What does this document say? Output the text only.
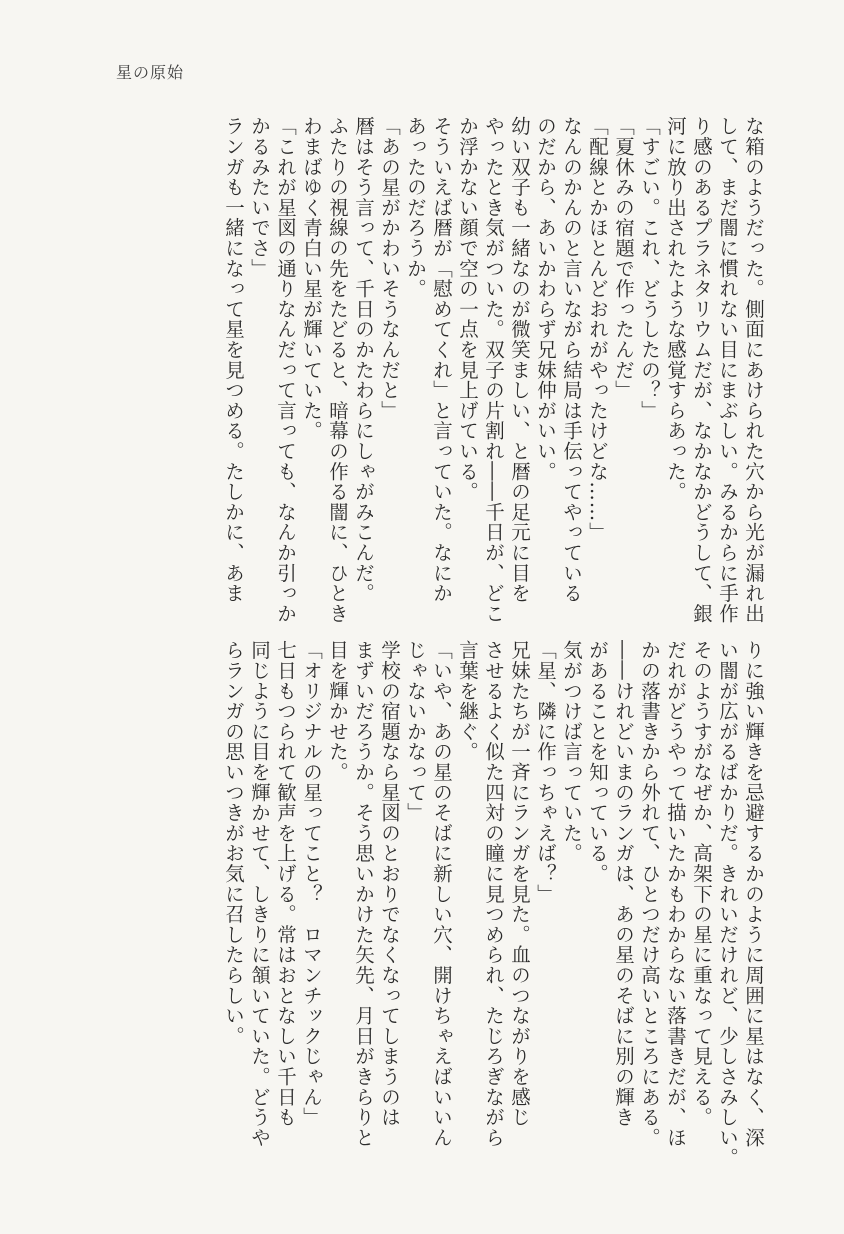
星の原始
な箱のようだった。側面にあけられた穴から光が漏れ出
して、まだ闇に慣れない目にまぶしい。みるからに手作
り感のあるプラネタリウムだが、なかなかどうして、銀
河に放り出されたような感覚すらあった。
「すごい。これ、どうしたの？」
「夏休みの宿題で作ったんだ」
「配線とかほとんどおれがやったけどな……」
なんのかんのと言いながら結局は手伝ってやっている
のだから、あいかわらず兄妹仲がいい。
幼い双子も一緒なのが微笑ましい、と暦の足元に目を
やったとき気がついた。双子の片割れ――千日が、どこ
か浮かない顔で空の一点を見上げている。
そういえば暦が「慰めてくれ」と言っていた。なにか
あったのだろうか。
「あの星がかわいそうなんだと」
暦はそう言って、千日のかたわらにしゃがみこんだ。
ふたりの視線の先をたどると、暗幕の作る闇に、ひとき
わまばゆく青白い星が輝いていた。
「これが星図の通りなんだって言っても、なんか引っか
かるみたいでさ」
ランガも一緒になって星を見つめる。たしかに、あま
りに強い輝きを忌避するかのように周囲に星はなく、深
い闇が広がるばかりだ。きれいだけれど、少しさみしい。
そのようすがなぜか、高架下の星に重なって見える。
だれがどうやって描いたかもわからない落書きだが、ほ
かの落書きから外れて、ひとつだけ高いところにある。
――けれどいまのランガは、あの星のそばに別の輝き
があることを知っている。
気がつけば言っていた。
「星、隣に作っちゃえば？」
兄妹たちが一斉にランガを見た。血のつながりを感じ
させるよく似た四対の瞳に見つめられ、たじろぎながら
言葉を継ぐ。
「いや、あの星のそばに新しい穴、開けちゃえばいいん
じゃないかなって」
学校の宿題なら星図のとおりでなくなってしまうのは
まずいだろうか。そう思いかけた矢先、月日がきらりと
目を輝かせた。
「オリジナルの星ってこと？　ロマンチックじゃん」
七日もつられて歓声を上げる。常はおとなしい千日も
同じように目を輝かせて、しきりに頷いていた。どうや
らランガの思いつきがお気に召したらしい。
